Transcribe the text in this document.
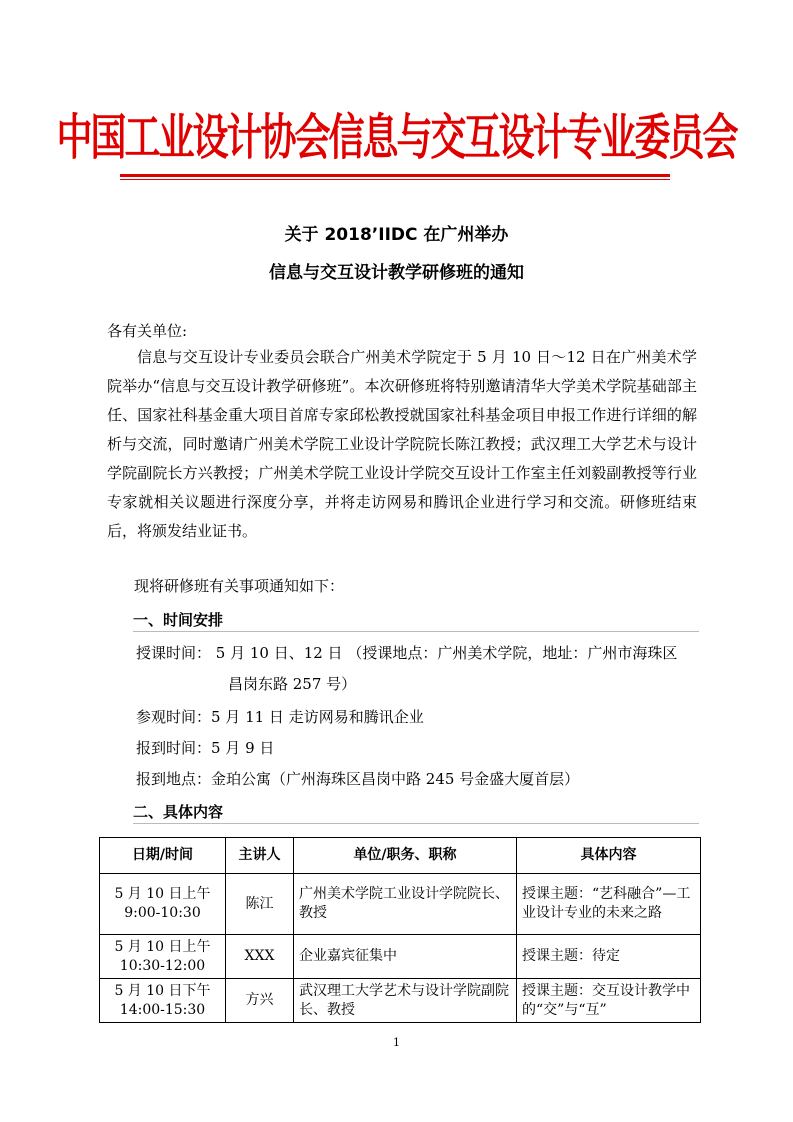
中国工业设计协会信息与交互设计专业委员会
关于 2018’IIDC 在广州举办
信息与交互设计教学研修班的通知
各有关单位:
信息与交互设计专业委员会联合广州美术学院定于 5 月 10 日～12 日在广州美术学院举办“信息与交互设计教学研修班”。本次研修班将特别邀请清华大学美术学院基础部主任、国家社科基金重大项目首席专家邱松教授就国家社科基金项目申报工作进行详细的解析与交流，同时邀请广州美术学院工业设计学院院长陈江教授；武汉理工大学艺术与设计学院副院长方兴教授；广州美术学院工业设计学院交互设计工作室主任刘毅副教授等行业专家就相关议题进行深度分享，并将走访网易和腾讯企业进行学习和交流。研修班结束后，将颁发结业证书。
现将研修班有关事项通知如下：
一、时间安排
授课时间： 5 月 10 日、12 日 （授课地点：广州美术学院，地址：广州市海珠区
昌岗东路 257 号）
参观时间：5 月 11 日 走访网易和腾讯企业
报到时间：5 月 9 日
报到地点：金珀公寓（广州海珠区昌岗中路 245 号金盛大厦首层）
二、具体内容
日期/时间	主讲人	单位/职务、职称	具体内容

5 月 10 日上午
9:00-10:30	陈江	广州美术学院工业设计学院院长、教授	授课主题：“艺科融合”—工业设计专业的未来之路

5 月 10 日上午
10:30-12:00	XXX	企业嘉宾征集中	授课主题：待定

5 月 10 日下午
14:00-15:30	方兴	武汉理工大学艺术与设计学院副院长、教授	授课主题：交互设计教学中的“交”与“互”
1
